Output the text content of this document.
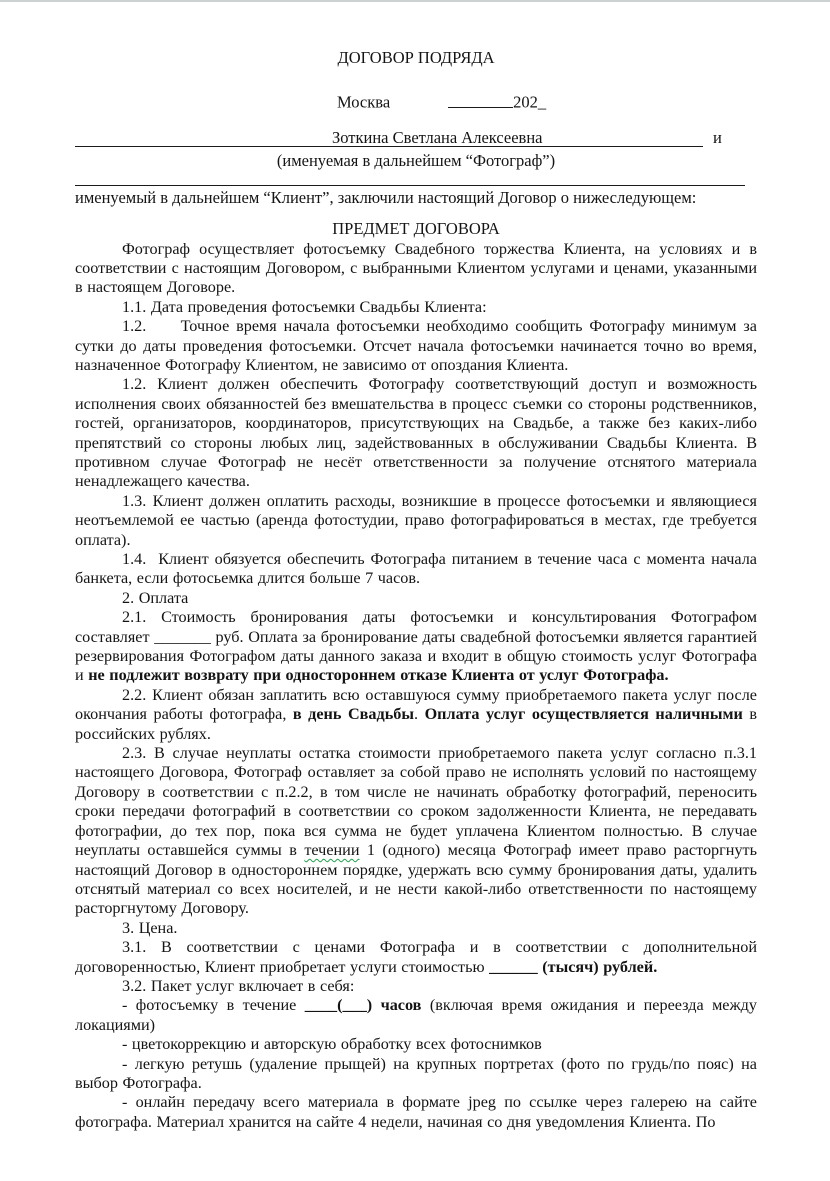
ДОГОВОР ПОДРЯДА

Москва	202_
Зоткина Светлана Алексеевна	и

(именуемая в дальнейшем “Фотограф”)

именуемый в дальнейшем “Клиент”, заключили настоящий Договор о нижеследующем:

ПРЕДМЕТ ДОГОВОРА

Фотограф осуществляет фотосъемку Свадебного торжества Клиента, на условиях и в соответствии с настоящим Договором, с выбранными Клиентом услугами и ценами, указанными в настоящем Договоре.

1.1. Дата проведения фотосъемки Свадьбы Клиента:

1.2.     Точное время начала фотосъемки необходимо сообщить Фотографу минимум за сутки до даты проведения фотосъемки. Отсчет начала фотосъемки начинается точно во время, назначенное Фотографу Клиентом, не зависимо от опоздания Клиента.

1.2. Клиент должен обеспечить Фотографу соответствующий доступ и возможность исполнения своих обязанностей без вмешательства в процесс съемки со стороны родственников, гостей, организаторов, координаторов, присутствующих на Свадьбе, а также без каких-либо препятствий со стороны любых лиц, задействованных в обслуживании Свадьбы Клиента. В противном случае Фотограф не несёт ответственности за получение отснятого материала ненадлежащего качества.

1.3. Клиент должен оплатить расходы, возникшие в процессе фотосъемки и являющиеся неотъемлемой ее частью (аренда фотостудии, право фотографироваться в местах, где требуется оплата).

1.4.  Клиент обязуется обеспечить Фотографа питанием в течение часа с момента начала банкета, если фотосьемка длится больше 7 часов.

2. Оплата

2.1. Стоимость бронирования даты фотосъемки и консультирования Фотографом составляет _______ руб. Оплата за бронирование даты свадебной фотосъемки является гарантией резервирования Фотографом даты данного заказа и входит в общую стоимость услуг Фотографа и не подлежит возврату при одностороннем отказе Клиента от услуг Фотографа.

2.2. Клиент обязан заплатить всю оставшуюся сумму приобретаемого пакета услуг после окончания работы фотографа, в день Свадьбы. Оплата услуг осуществляется наличными в российских рублях.

2.3. В случае неуплаты остатка стоимости приобретаемого пакета услуг согласно п.3.1 настоящего Договора, Фотограф оставляет за собой право не исполнять условий по настоящему Договору в соответствии с п.2.2, в том числе не начинать обработку фотографий, переносить сроки передачи фотографий в соответствии со сроком задолженности Клиента, не передавать фотографии, до тех пор, пока вся сумма не будет уплачена Клиентом полностью. В случае неуплаты оставшейся суммы в течении 1 (одного) месяца Фотограф имеет право расторгнуть настоящий Договор в одностороннем порядке, удержать всю сумму бронирования даты, удалить отснятый материал со всех носителей, и не нести какой-либо ответственности по настоящему расторгнутому Договору.

3. Цена.

3.1. В соответствии с ценами Фотографа и в соответствии с дополнительной договоренностью, Клиент приобретает услуги стоимостью ______ (тысяч) рублей.

3.2. Пакет услуг включает в себя:

- фотосъемку в течение ____(___) часов (включая время ожидания и переезда между локациями)

- цветокоррекцию и авторскую обработку всех фотоснимков

- легкую ретушь (удаление прыщей) на крупных портретах (фото по грудь/по пояс) на выбор Фотографа.

- онлайн передачу всего материала в формате jpeg по ссылке через галерею на сайте фотографа. Материал хранится на сайте 4 недели, начиная со дня уведомления Клиента. По
